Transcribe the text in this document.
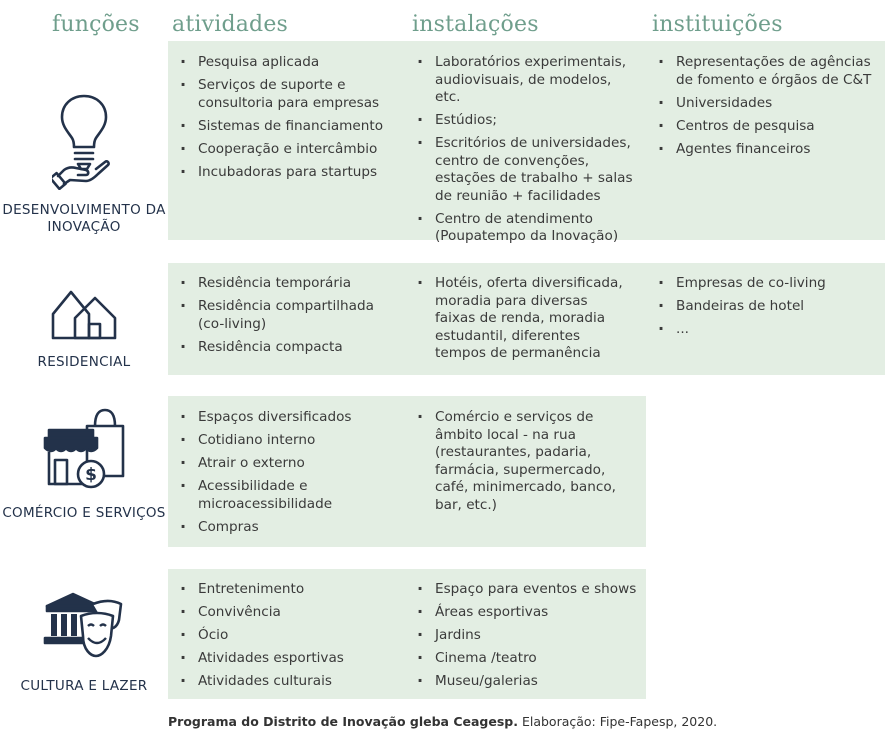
funções atividades	instalações	instituições
DESENVOLVIMENTO DA INOVAÇÃO
· Pesquisa aplicada
· Serviços de suporte e consultoria para empresas
· Sistemas de financiamento
· Cooperação e intercâmbio
· Incubadoras para startups
· Laboratórios experimentais, audiovisuais, de modelos, etc.
· Estúdios;
· Escritórios de universidades, centro de convenções, estações de trabalho + salas de reunião + facilidades
· Centro de atendimento (Poupatempo da Inovação)
· Representações de agências de fomento e órgãos de C&T
· Universidades
· Centros de pesquisa
· Agentes financeiros
RESIDENCIAL
· Residência temporária
· Residência compartilhada (co-living)
· Residência compacta
· Hotéis, oferta diversificada, moradia para diversas faixas de renda, moradia estudantil, diferentes tempos de permanência
· Empresas de co-living
· Bandeiras de hotel
· ...
$
COMÉRCIO E SERVIÇOS
· Espaços diversificados
· Cotidiano interno
· Atrair o externo
· Acessibilidade e microacessibilidade
· Compras
· Comércio e serviços de âmbito local - na rua (restaurantes, padaria, farmácia, supermercado, café, minimercado, banco, bar, etc.)
CULTURA E LAZER
· Entretenimento
· Convivência
· Ócio
· Atividades esportivas
· Atividades culturais
· Espaço para eventos e shows
· Áreas esportivas
· Jardins
· Cinema /teatro
· Museu/galerias
Programa do Distrito de Inovação gleba Ceagesp. Elaboração: Fipe-Fapesp, 2020.
